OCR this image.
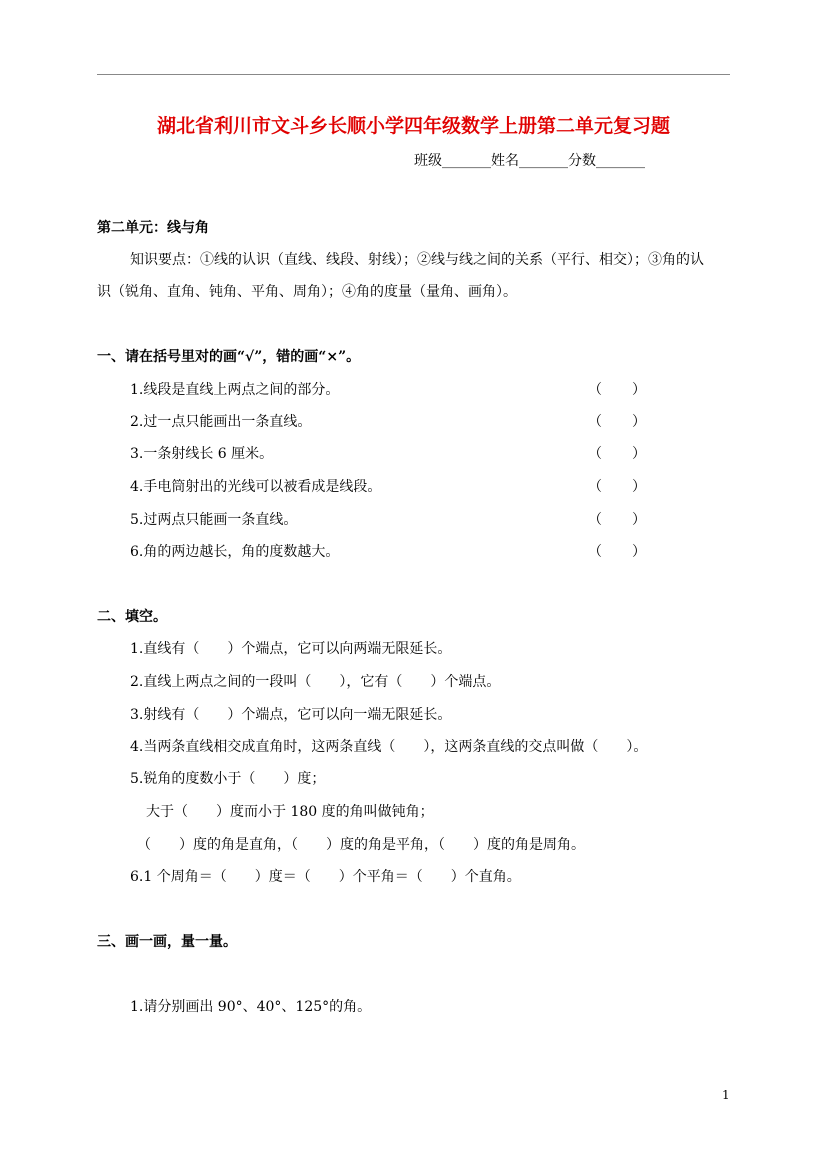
湖北省利川市文斗乡长顺小学四年级数学上册第二单元复习题
班级_______姓名_______分数_______
第二单元：线与角
知识要点：①线的认识（直线、线段、射线）；②线与线之间的关系（平行、相交）；③角的认
识（锐角、直角、钝角、平角、周角）；④角的度量（量角、画角）。
一、请在括号里对的画“√”，错的画“×”。
1.线段是直线上两点之间的部分。	（ ）
2.过一点只能画出一条直线。	（ ）
3.一条射线长 6 厘米。	（ ）
4.手电筒射出的光线可以被看成是线段。	（ ）
5.过两点只能画一条直线。	（ ）
6.角的两边越长，角的度数越大。	（ ）
二、填空。
1.直线有（　　）个端点，它可以向两端无限延长。
2.直线上两点之间的一段叫（　　），它有（　　）个端点。
3.射线有（　　）个端点，它可以向一端无限延长。
4.当两条直线相交成直角时，这两条直线（　　），这两条直线的交点叫做（　　）。
5.锐角的度数小于（　　）度；
大于（　　）度而小于 180 度的角叫做钝角；
（　　）度的角是直角，（　　）度的角是平角，（　　）度的角是周角。
6.1 个周角＝（　　）度＝（　　）个平角＝（　　）个直角。
三、画一画，量一量。
1.请分别画出 90°、40°、125°的角。
1
